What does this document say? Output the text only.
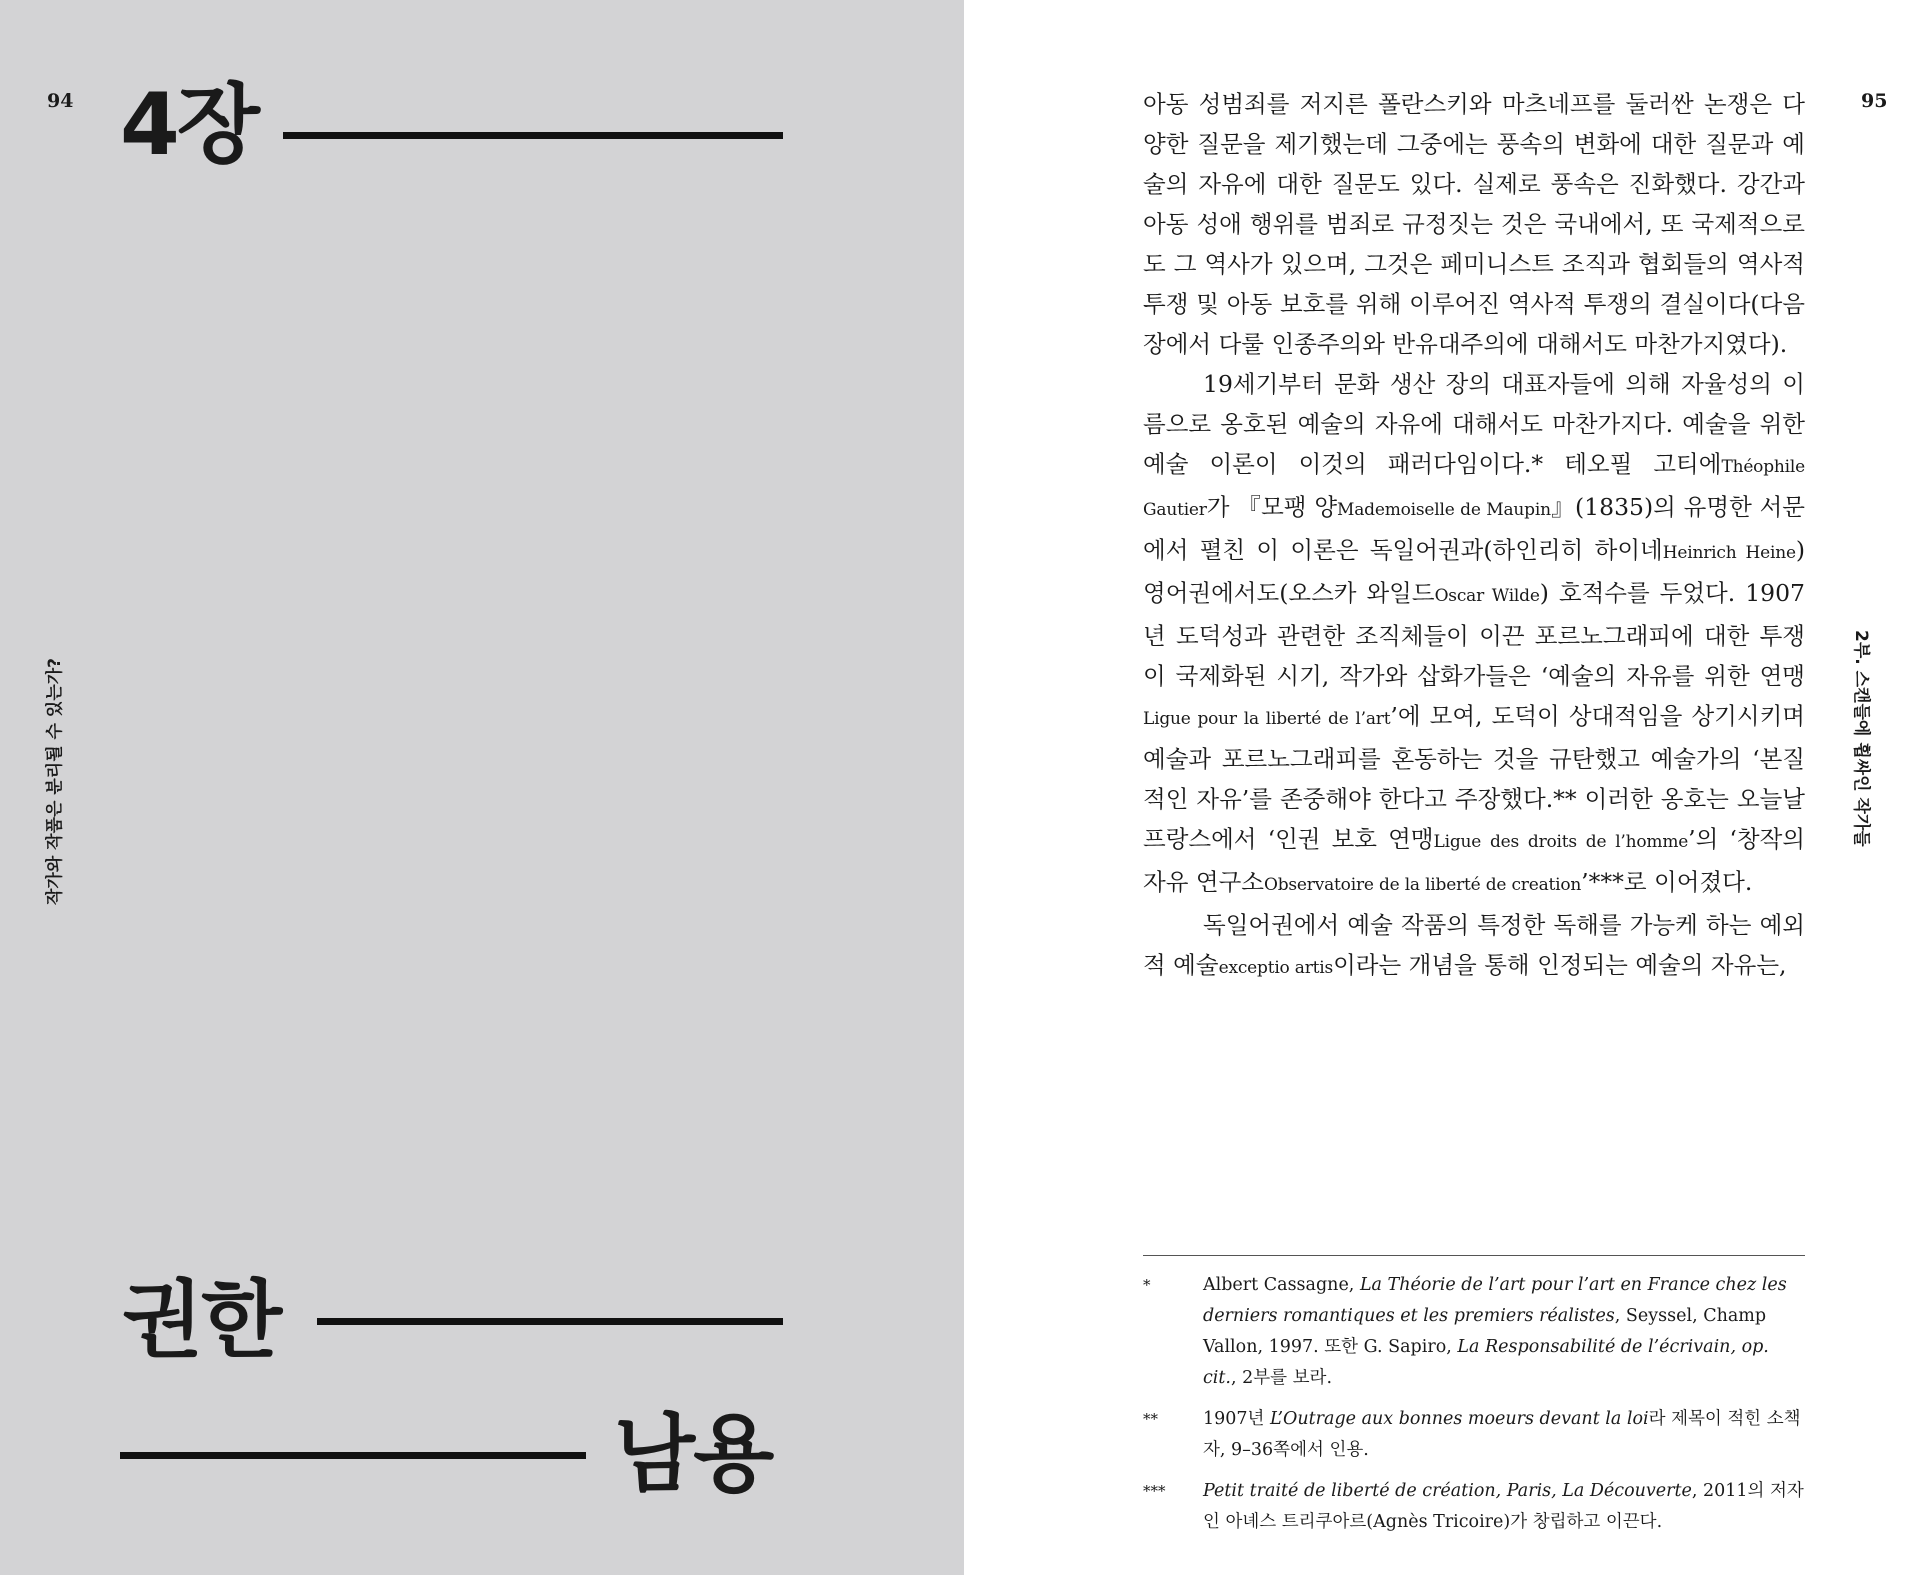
94 4장
작가와 작품은 분리될 수 있는가?
권한
남용
95
2부. 스캔들에 휩싸인 작가들

아동 성범죄를 저지른 폴란스키와 마츠네프를 둘러싼 논쟁은 다양한 질문을 제기했는데 그중에는 풍속의 변화에 대한 질문과 예술의 자유에 대한 질문도 있다. 실제로 풍속은 진화했다. 강간과 아동 성애 행위를 범죄로 규정짓는 것은 국내에서, 또 국제적으로도 그 역사가 있으며, 그것은 페미니스트 조직과 협회들의 역사적 투쟁 및 아동 보호를 위해 이루어진 역사적 투쟁의 결실이다(다음 장에서 다룰 인종주의와 반유대주의에 대해서도 마찬가지였다).

19세기부터 문화 생산 장의 대표자들에 의해 자율성의 이름으로 옹호된 예술의 자유에 대해서도 마찬가지다. 예술을 위한 예술 이론이 이것의 패러다임이다.* 테오필 고티에Théophile Gautier가 『모팽 양Mademoiselle de Maupin』(1835)의 유명한 서문에서 펼친 이 이론은 독일어권과(하인리히 하이네Heinrich Heine) 영어권에서도(오스카 와일드Oscar Wilde) 호적수를 두었다. 1907년 도덕성과 관련한 조직체들이 이끈 포르노그래피에 대한 투쟁이 국제화된 시기, 작가와 삽화가들은 ‘예술의 자유를 위한 연맹Ligue pour la liberté de l’art’에 모여, 도덕이 상대적임을 상기시키며 예술과 포르노그래피를 혼동하는 것을 규탄했고 예술가의 ‘본질적인 자유’를 존중해야 한다고 주장했다.** 이러한 옹호는 오늘날 프랑스에서 ‘인권 보호 연맹Ligue des droits de l’homme’의 ‘창작의 자유 연구소Observatoire de la liberté de creation’***로 이어졌다.

독일어권에서 예술 작품의 특정한 독해를 가능케 하는 예외적 예술exceptio artis이라는 개념을 통해 인정되는 예술의 자유는,

*	Albert Cassagne, La Théorie de l’art pour l’art en France chez les derniers romantiques et les premiers réalistes, Seyssel, Champ Vallon, 1997. 또한 G. Sapiro, La Responsabilité de l’écrivain, op. cit., 2부를 보라.
**	1907년 L’Outrage aux bonnes moeurs devant la loi라 제목이 적힌 소책자, 9–36쪽에서 인용.
***	Petit traité de liberté de création, Paris, La Découverte, 2011의 저자인 아녜스 트리쿠아르(Agnès Tricoire)가 창립하고 이끈다.
